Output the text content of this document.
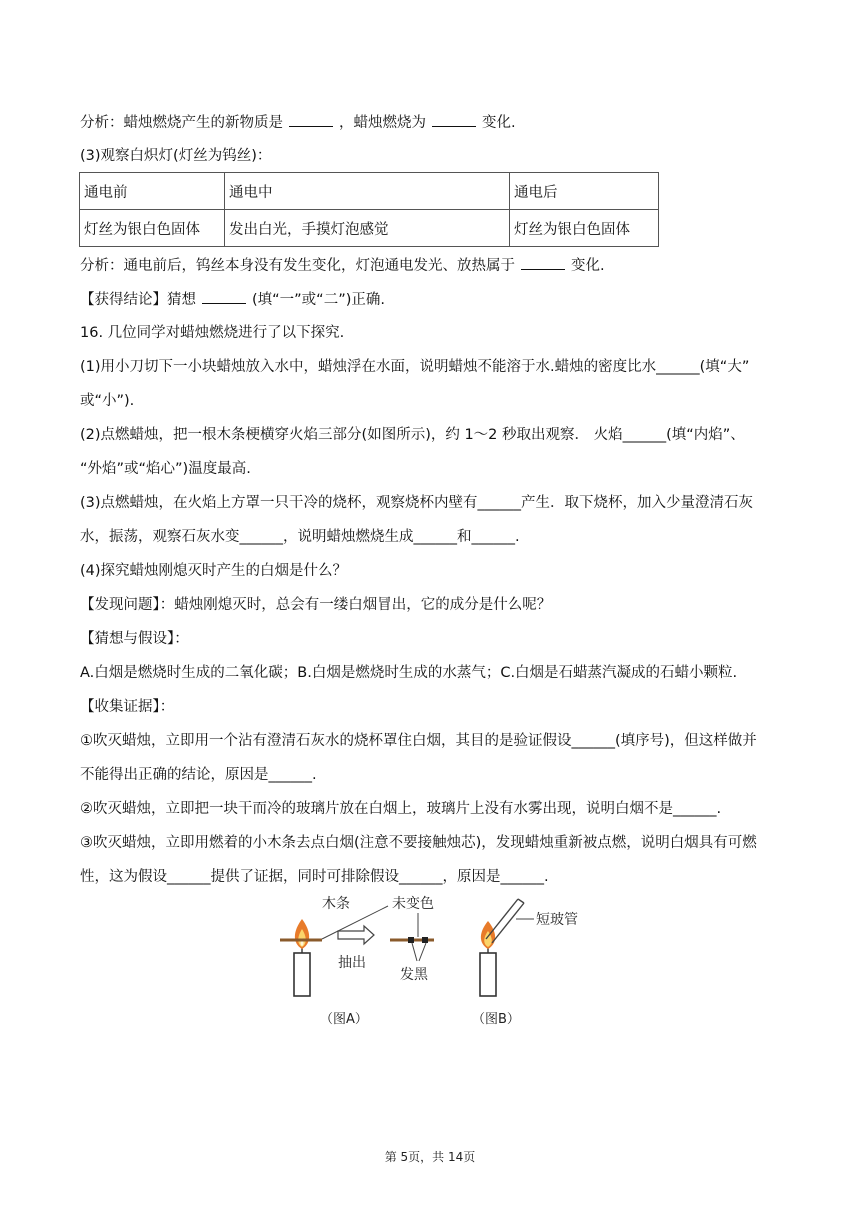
分析：蜡烛燃烧产生的新物质是	，蜡烛燃烧为	变化.
(3)观察白炽灯(灯丝为钨丝)：
通电前	通电中	通电后
灯丝为银白色固体	发出白光，手摸灯泡感觉	灯丝为银白色固体
分析：通电前后，钨丝本身没有发生变化，灯泡通电发光、放热属于	变化.
【获得结论】猜想	(填“一”或“二”)正确.
16. 几位同学对蜡烛燃烧进行了以下探究.
(1)用小刀切下一小块蜡烛放入水中，蜡烛浮在水面，说明蜡烛不能溶于水.蜡烛的密度比水______(填“大”
或“小”).
(2)点燃蜡烛，把一根木条梗横穿火焰三部分(如图所示)，约 1～2 秒取出观察． 火焰______(填“内焰”、
“外焰”或“焰心”)温度最高.
(3)点燃蜡烛，在火焰上方罩一只干冷的烧杯，观察烧杯内壁有______产生．取下烧杯，加入少量澄清石灰
水，振荡，观察石灰水变______，说明蜡烛燃烧生成______和______.
(4)探究蜡烛刚熄灭时产生的白烟是什么？
【发现问题】：蜡烛刚熄灭时，总会有一缕白烟冒出，它的成分是什么呢？
【猜想与假设】：
A.白烟是燃烧时生成的二氧化碳；B.白烟是燃烧时生成的水蒸气；C.白烟是石蜡蒸汽凝成的石蜡小颗粒.
【收集证据】：
①吹灭蜡烛，立即用一个沾有澄清石灰水的烧杯罩住白烟，其目的是验证假设______(填序号)，但这样做并
不能得出正确的结论，原因是______.
②吹灭蜡烛，立即把一块干而冷的玻璃片放在白烟上，玻璃片上没有水雾出现，说明白烟不是______.
③吹灭蜡烛，立即用燃着的小木条去点白烟(注意不要接触烛芯)，发现蜡烛重新被点燃，说明白烟具有可燃
性，这为假设______提供了证据，同时可排除假设______，原因是______.
木条
抽出
未变色
发黑
短玻管
（图A）	（图B）
第 5页，共 14页
